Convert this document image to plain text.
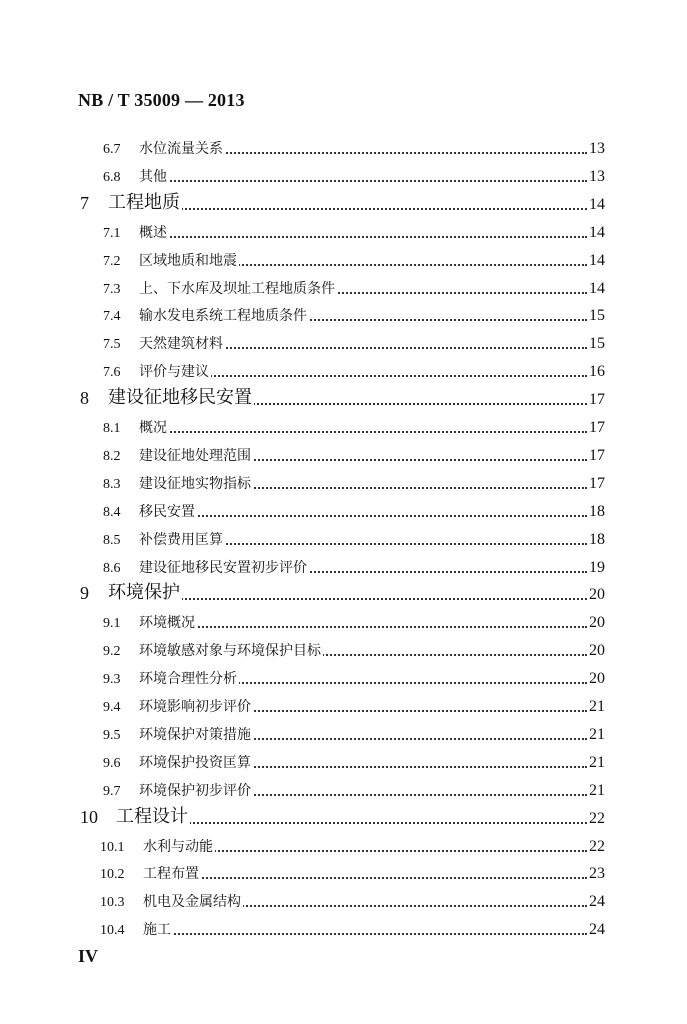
NB / T 35009 — 2013
6.7 水位流量关系	13
6.8 其他	13
7 工程地质	14
7.1 概述	14
7.2 区域地质和地震	14
7.3 上、下水库及坝址工程地质条件	14
7.4 输水发电系统工程地质条件	15
7.5 天然建筑材料	15
7.6 评价与建议	16
8 建设征地移民安置	17
8.1 概况	17
8.2 建设征地处理范围	17
8.3 建设征地实物指标	17
8.4 移民安置	18
8.5 补偿费用匡算	18
8.6 建设征地移民安置初步评价	19
9 环境保护	20
9.1 环境概况	20
9.2 环境敏感对象与环境保护目标	20
9.3 环境合理性分析	20
9.4 环境影响初步评价	21
9.5 环境保护对策措施	21
9.6 环境保护投资匡算	21
9.7 环境保护初步评价	21
10 工程设计	22
10.1 水利与动能	22
10.2 工程布置	23
10.3 机电及金属结构	24
10.4 施工	24
IV
